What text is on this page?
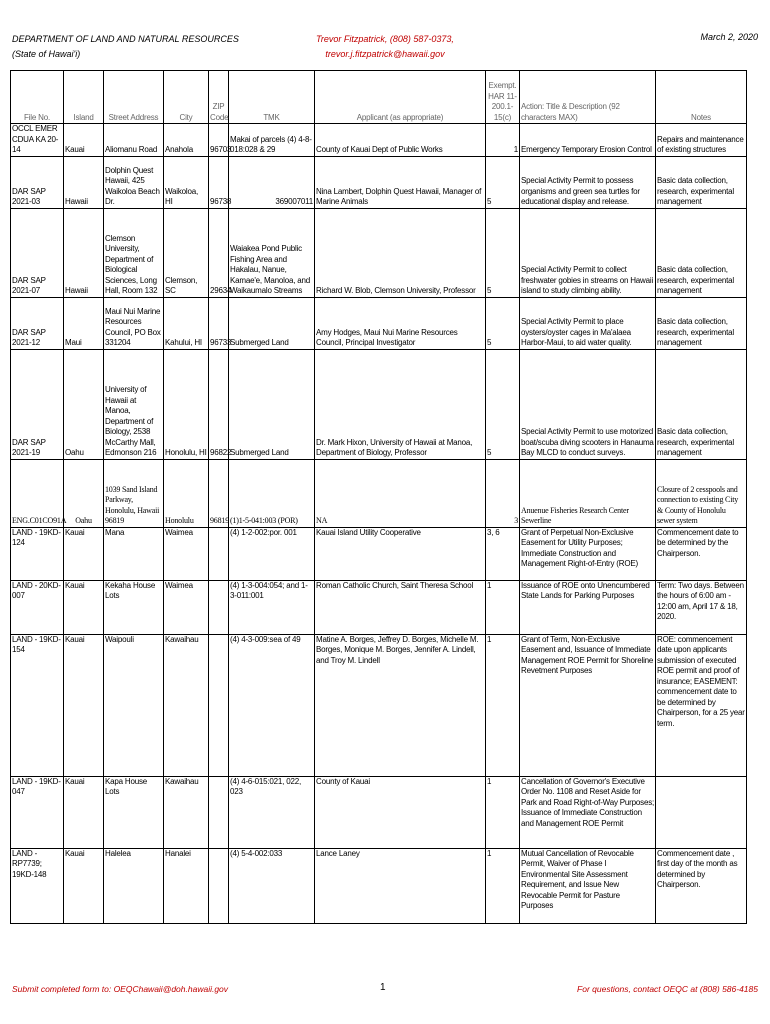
DEPARTMENT OF LAND AND NATURAL RESOURCES
(State of Hawai'i)
Trevor Fitzpatrick, (808) 587-0373,
trevor.j.fitzpatrick@hawaii.gov
March 2, 2020
File No.	Island	Street Address	City	ZIP Code	TMK	Applicant (as appropriate)	Exempt. HAR 11-200.1-15(c)	Action: Title & Description (92 characters MAX)	Notes
OCCL EMER CDUA KA 20-14	Kauai	Aliomanu Road	Anahola	96703	Makai of parcels (4) 4-8-018:028 & 29	County of Kauai Dept of Public Works	1	Emergency Temporary Erosion Control	Repairs and maintenance of existing structures
DAR SAP 2021-03	Hawaii	Dolphin Quest Hawaii, 425 Waikoloa Beach Dr.	Waikoloa, HI	96738	369007011	Nina Lambert, Dolphin Quest Hawaii, Manager of Marine Animals	5	Special Activity Permit to possess organisms and green sea turtles for educational display and release.	Basic data collection, research, experimental management
DAR SAP 2021-07	Hawaii	Clemson University, Department of Biological Sciences, Long Hall, Room 132	Clemson, SC	29634	Waiakea Pond Public Fishing Area and Hakalau, Nanue, Kamae'e, Manoloa, and Waikaumalo Streams	Richard W. Blob, Clemson University, Professor	5	Special Activity Permit to collect freshwater gobies in streams on Hawaii island to study climbing ability.	Basic data collection, research, experimental management
DAR SAP 2021-12	Maui	Maui Nui Marine Resources Council, PO Box 331204	Kahului, HI	96733	Submerged Land	Amy Hodges, Maui Nui Marine Resources Council, Principal Investigator	5	Special Activity Permit to place oysters/oyster cages in Ma'alaea Harbor-Maui, to aid water quality.	Basic data collection, research, experimental management
DAR SAP 2021-19	Oahu	University of Hawaii at Manoa, Department of Biology, 2538 McCarthy Mall, Edmonson 216	Honolulu, HI	96822	Submerged Land	Dr. Mark Hixon, University of Hawaii at Manoa, Department of Biology, Professor	5	Special Activity Permit to use motorized boat/scuba diving scooters in Hanauma Bay MLCD to conduct surveys.	Basic data collection, research, experimental management
ENG.C01CO91A	Oahu	1039 Sand Island Parkway, Honolulu, Hawaii 96819	Honolulu	96819	(1)1-5-041:003 (POR)	NA	3	Anuenue Fisheries Research Center Sewerline	Closure of 2 cesspools and connection to existing City & County of Honolulu sewer system
LAND - 19KD-124	Kauai	Mana	Waimea		(4) 1-2-002:por. 001	Kauai Island Utility Cooperative	3, 6	Grant of Perpetual Non-Exclusive Easement for Utility Purposes; Immediate Construction and Management Right-of-Entry (ROE)	Commencement date to be determined by the Chairperson.
LAND - 20KD-007	Kauai	Kekaha House Lots	Waimea		(4) 1-3-004:054; and 1-3-011:001	Roman Catholic Church, Saint Theresa School	1	Issuance of ROE onto Unencumbered State Lands for Parking Purposes	Term: Two days. Between the hours of 6:00 am - 12:00 am, April 17 & 18, 2020.
LAND - 19KD-154	Kauai	Waipouli	Kawaihau		(4) 4-3-009:sea of 49	Matine A. Borges, Jeffrey D. Borges, Michelle M. Borges, Monique M. Borges, Jennifer A. Lindell, and Troy M. Lindell	1	Grant of Term, Non-Exclusive Easement and, Issuance of Immediate Management ROE Permit for Shoreline Revetment Purposes	ROE: commencement date upon applicants submission of executed ROE permit and proof of insurance; EASEMENT: commencement date to be determined by Chairperson, for a 25 year term.
LAND - 19KD-047	Kauai	Kapa House Lots	Kawaihau		(4) 4-6-015:021, 022, 023	County of Kauai	1	Cancellation of Governor's Executive Order No. 1108 and Reset Aside for Park and Road Right-of-Way Purposes; Issuance of Immediate Construction and Management ROE Permit	
LAND - RP7739; 19KD-148	Kauai	Halelea	Hanalei		(4) 5-4-002:033	Lance Laney	1	Mutual Cancellation of Revocable Permit, Waiver of Phase I Environmental Site Assessment Requirement, and Issue New Revocable Permit for Pasture Purposes	Commencement date , first day of the month as determined by Chairperson.
Submit completed form to: OEQChawaii@doh.hawaii.gov	1	For questions, contact OEQC at (808) 586-4185
